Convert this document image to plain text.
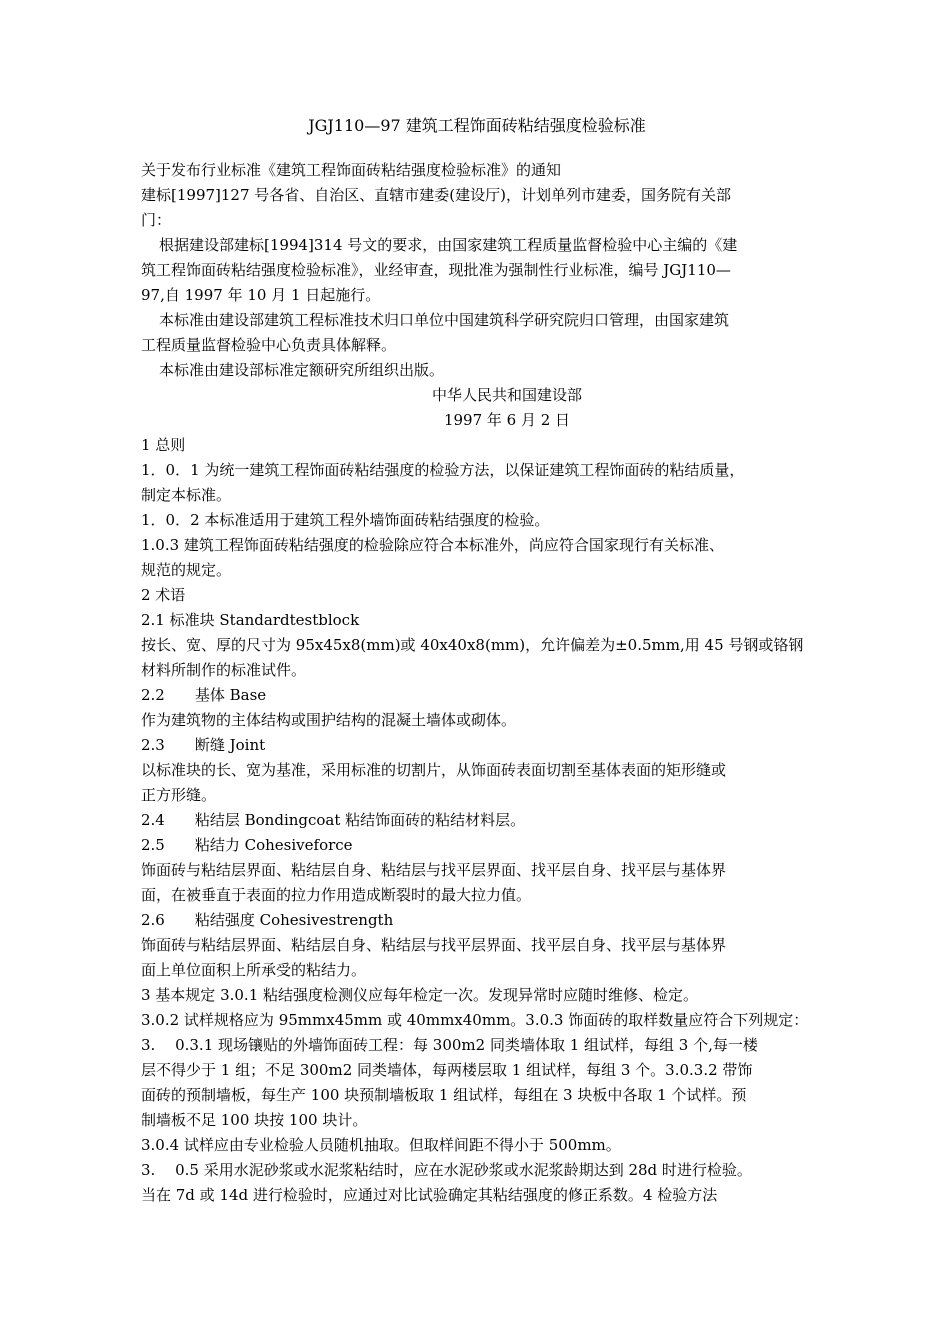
JGJ110—97 建筑工程饰面砖粘结强度检验标准
关于发布行业标准《建筑工程饰面砖粘结强度检验标准》的通知
建标[1997]127 号各省、自治区、直辖市建委(建设厅)，计划单列市建委，国务院有关部
门：
根据建设部建标[1994]314 号文的要求，由国家建筑工程质量监督检验中心主编的《建
筑工程饰面砖粘结强度检验标准》，业经审查，现批准为强制性行业标准，编号 JGJ110—
97,自 1997 年 10 月 1 日起施行。
本标准由建设部建筑工程标准技术归口单位中国建筑科学研究院归口管理，由国家建筑
工程质量监督检验中心负责具体解释。
本标准由建设部标准定额研究所组织出版。
中华人民共和国建设部
1997 年 6 月 2 日
1 总则
1．0．1 为统一建筑工程饰面砖粘结强度的检验方法，以保证建筑工程饰面砖的粘结质量，
制定本标准。
1．0．2 本标准适用于建筑工程外墙饰面砖粘结强度的检验。
1.0.3 建筑工程饰面砖粘结强度的检验除应符合本标准外，尚应符合国家现行有关标准、
规范的规定。
2 术语
2.1 标准块 Standardtestblock
按长、宽、厚的尺寸为 95x45x8(mm)或 40x40x8(mm)，允许偏差为±0.5mm,用 45 号钢或铬钢
材料所制作的标准试件。
2.2　　基体 Base
作为建筑物的主体结构或围护结构的混凝土墙体或砌体。
2.3　　断缝 Joint
以标准块的长、宽为基准，采用标准的切割片，从饰面砖表面切割至基体表面的矩形缝或
正方形缝。
2.4　　粘结层 Bondingcoat 粘结饰面砖的粘结材料层。
2.5　　粘结力 Cohesiveforce
饰面砖与粘结层界面、粘结层自身、粘结层与找平层界面、找平层自身、找平层与基体界
面，在被垂直于表面的拉力作用造成断裂时的最大拉力值。
2.6　　粘结强度 Cohesivestrength
饰面砖与粘结层界面、粘结层自身、粘结层与找平层界面、找平层自身、找平层与基体界
面上单位面积上所承受的粘结力。
3 基本规定 3.0.1 粘结强度检测仪应每年检定一次。发现异常时应随时维修、检定。
3.0.2 试样规格应为 95mmx45mm 或 40mmx40mm。3.0.3 饰面砖的取样数量应符合下列规定：
3.　 0.3.1 现场镶贴的外墙饰面砖工程：每 300m2 同类墙体取 1 组试样，每组 3 个,每一楼
层不得少于 1 组；不足 300m2 同类墙体，每两楼层取 1 组试样，每组 3 个。3.0.3.2 带饰
面砖的预制墙板，每生产 100 块预制墙板取 1 组试样，每组在 3 块板中各取 1 个试样。预
制墙板不足 100 块按 100 块计。
3.0.4 试样应由专业检验人员随机抽取。但取样间距不得小于 500mm。
3.　 0.5 采用水泥砂浆或水泥浆粘结时，应在水泥砂浆或水泥浆龄期达到 28d 时进行检验。
当在 7d 或 14d 进行检验时，应通过对比试验确定其粘结强度的修正系数。4 检验方法
